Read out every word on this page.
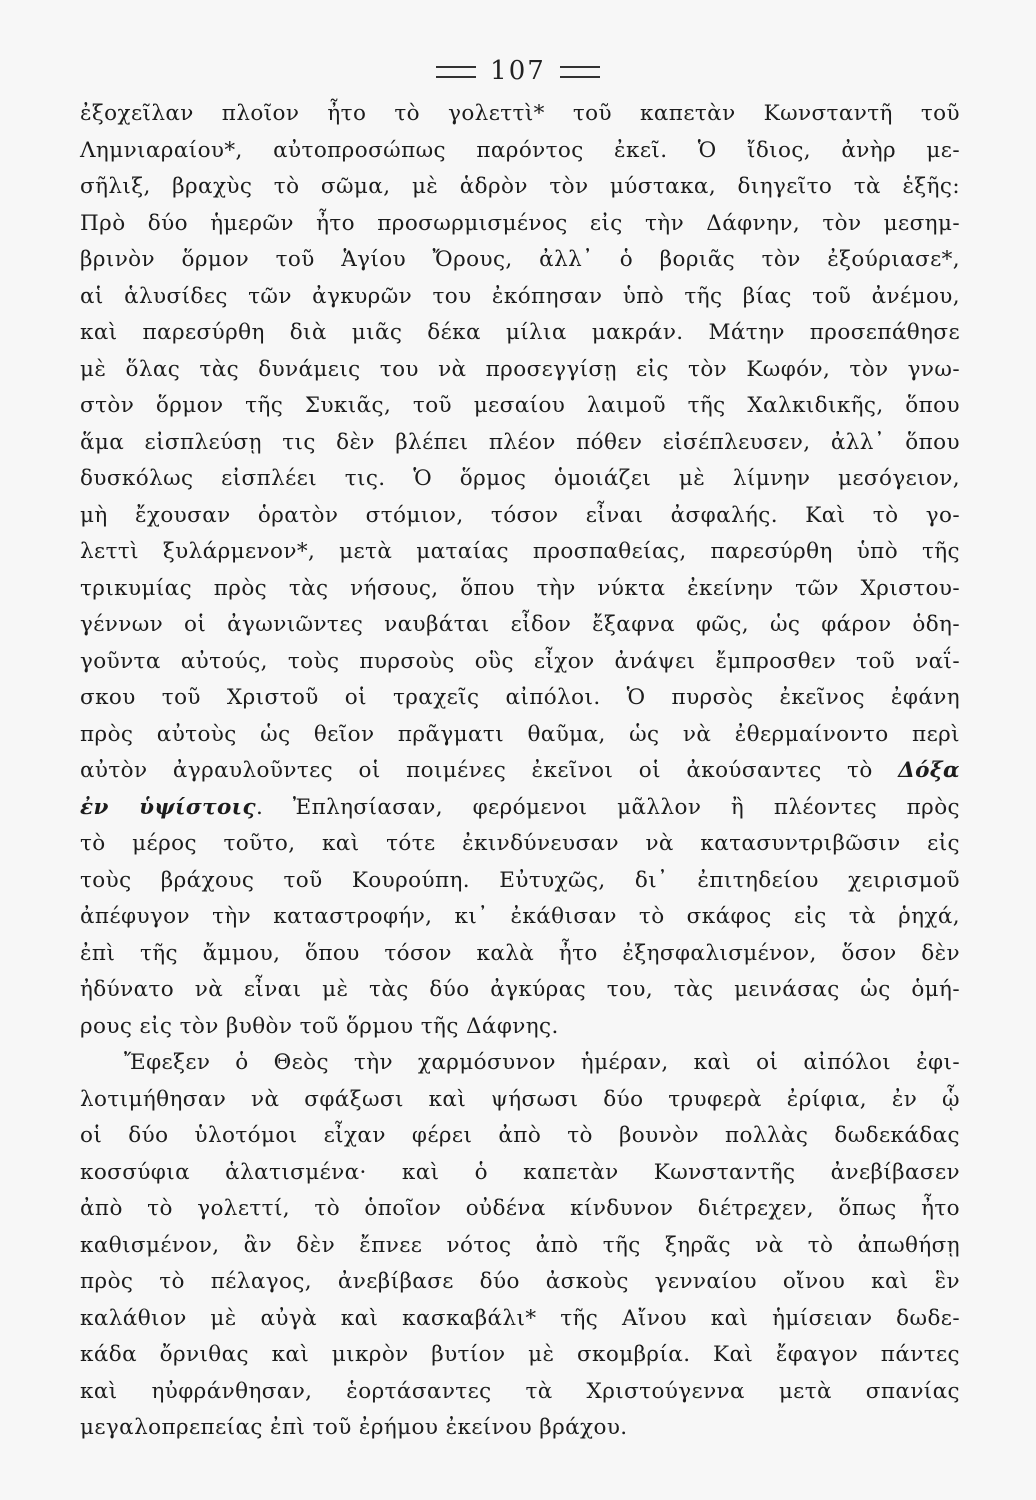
107
ἐξοχεῖλαν πλοῖον ἦτο τὸ γολεττὶ* τοῦ καπετὰν Κωνσταντῆ τοῦ
Λημνιαραίου*, αὐτοπροσώπως παρόντος ἐκεῖ. Ὁ ἴδιος, ἀνὴρ με-
σῆλιξ, βραχὺς τὸ σῶμα, μὲ ἁδρὸν τὸν μύστακα, διηγεῖτο τὰ ἑξῆς:
Πρὸ δύο ἡμερῶν ἦτο προσωρμισμένος εἰς τὴν Δάφνην, τὸν μεσημ-
βρινὸν ὅρμον τοῦ Ἁγίου Ὄρους, ἀλλ᾽ ὁ βοριᾶς τὸν ἐξούριασε*,
αἱ ἁλυσίδες τῶν ἀγκυρῶν του ἐκόπησαν ὑπὸ τῆς βίας τοῦ ἀνέμου,
καὶ παρεσύρθη διὰ μιᾶς δέκα μίλια μακράν. Μάτην προσεπάθησε
μὲ ὅλας τὰς δυνάμεις του νὰ προσεγγίσῃ εἰς τὸν Κωφόν, τὸν γνω-
στὸν ὅρμον τῆς Συκιᾶς, τοῦ μεσαίου λαιμοῦ τῆς Χαλκιδικῆς, ὅπου
ἅμα εἰσπλεύσῃ τις δὲν βλέπει πλέον πόθεν εἰσέπλευσεν, ἀλλ᾽ ὅπου
δυσκόλως εἰσπλέει τις. Ὁ ὅρμος ὁμοιάζει μὲ λίμνην μεσόγειον,
μὴ ἔχουσαν ὁρατὸν στόμιον, τόσον εἶναι ἀσφαλής. Καὶ τὸ γο-
λεττὶ ξυλάρμενον*, μετὰ ματαίας προσπαθείας, παρεσύρθη ὑπὸ τῆς
τρικυμίας πρὸς τὰς νήσους, ὅπου τὴν νύκτα ἐκείνην τῶν Χριστου-
γέννων οἱ ἀγωνιῶντες ναυβάται εἶδον ἔξαφνα φῶς, ὡς φάρον ὁδη-
γοῦντα αὐτούς, τοὺς πυρσοὺς οὓς εἶχον ἀνάψει ἔμπροσθεν τοῦ ναΐ-
σκου τοῦ Χριστοῦ οἱ τραχεῖς αἰπόλοι. Ὁ πυρσὸς ἐκεῖνος ἐφάνη
πρὸς αὐτοὺς ὡς θεῖον πρᾶγματι θαῦμα, ὡς νὰ ἐθερμαίνοντο περὶ
αὐτὸν ἀγραυλοῦντες οἱ ποιμένες ἐκεῖνοι οἱ ἀκούσαντες τὸ Δόξα
ἐν ὑψίστοις. Ἐπλησίασαν, φερόμενοι μᾶλλον ἢ πλέοντες πρὸς
τὸ μέρος τοῦτο, καὶ τότε ἐκινδύνευσαν νὰ κατασυντριβῶσιν εἰς
τοὺς βράχους τοῦ Κουρούπη. Εὐτυχῶς, δι᾽ ἐπιτηδείου χειρισμοῦ
ἀπέφυγον τὴν καταστροφήν, κι᾽ ἐκάθισαν τὸ σκάφος εἰς τὰ ῥηχά,
ἐπὶ τῆς ἄμμου, ὅπου τόσον καλὰ ἦτο ἐξησφαλισμένον, ὅσον δὲν
ἠδύνατο νὰ εἶναι μὲ τὰς δύο ἀγκύρας του, τὰς μεινάσας ὡς ὁμή-
ρους εἰς τὸν βυθὸν τοῦ ὅρμου τῆς Δάφνης.
Ἔφεξεν ὁ Θεὸς τὴν χαρμόσυνον ἡμέραν, καὶ οἱ αἰπόλοι ἐφι-
λοτιμήθησαν νὰ σφάξωσι καὶ ψήσωσι δύο τρυφερὰ ἐρίφια, ἐν ᾧ
οἱ δύο ὑλοτόμοι εἶχαν φέρει ἀπὸ τὸ βουνὸν πολλὰς δωδεκάδας
κοσσύφια ἁλατισμένα· καὶ ὁ καπετὰν Κωνσταντῆς ἀνεβίβασεν
ἀπὸ τὸ γολεττί, τὸ ὁποῖον οὐδένα κίνδυνον διέτρεχεν, ὅπως ἦτο
καθισμένον, ἂν δὲν ἔπνεε νότος ἀπὸ τῆς ξηρᾶς νὰ τὸ ἀπωθήσῃ
πρὸς τὸ πέλαγος, ἀνεβίβασε δύο ἀσκοὺς γενναίου οἴνου καὶ ἓν
καλάθιον μὲ αὐγὰ καὶ κασκαβάλι* τῆς Αἴνου καὶ ἡμίσειαν δωδε-
κάδα ὄρνιθας καὶ μικρὸν βυτίον μὲ σκομβρία. Καὶ ἔφαγον πάντες
καὶ ηὐφράνθησαν, ἑορτάσαντες τὰ Χριστούγεννα μετὰ σπανίας
μεγαλοπρεπείας ἐπὶ τοῦ ἐρήμου ἐκείνου βράχου.
